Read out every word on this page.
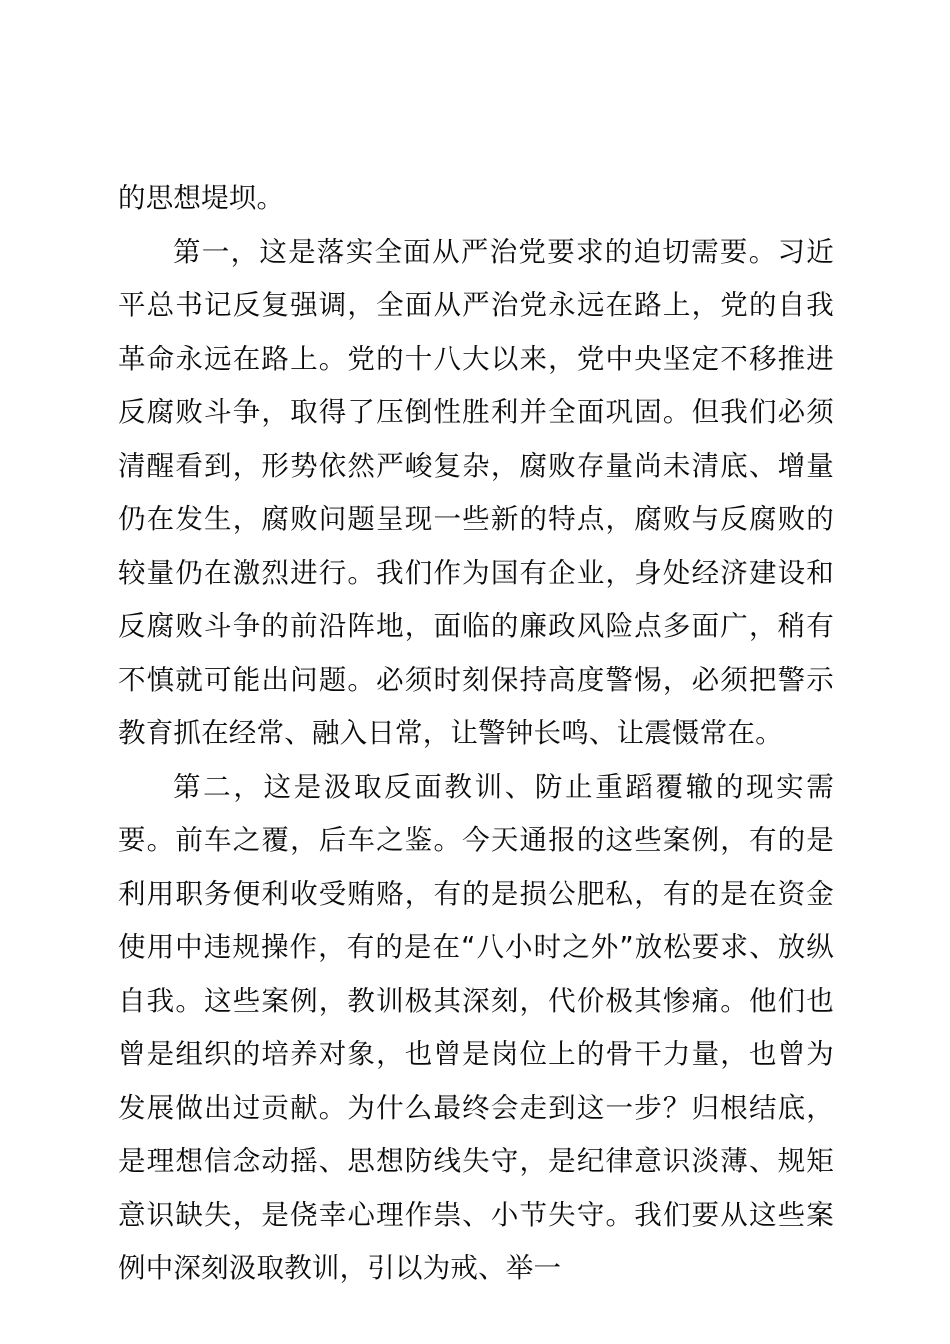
的思想堤坝。

第一，这是落实全面从严治党要求的迫切需要。习近平总书记反复强调，全面从严治党永远在路上，党的自我革命永远在路上。党的十八大以来，党中央坚定不移推进反腐败斗争，取得了压倒性胜利并全面巩固。但我们必须清醒看到，形势依然严峻复杂，腐败存量尚未清底、增量仍在发生，腐败问题呈现一些新的特点，腐败与反腐败的较量仍在激烈进行。我们作为国有企业，身处经济建设和反腐败斗争的前沿阵地，面临的廉政风险点多面广，稍有不慎就可能出问题。必须时刻保持高度警惕，必须把警示教育抓在经常、融入日常，让警钟长鸣、让震慑常在。

第二，这是汲取反面教训、防止重蹈覆辙的现实需要。前车之覆，后车之鉴。今天通报的这些案例，有的是利用职务便利收受贿赂，有的是损公肥私，有的是在资金使用中违规操作，有的是在“八小时之外”放松要求、放纵自我。这些案例，教训极其深刻，代价极其惨痛。他们也曾是组织的培养对象，也曾是岗位上的骨干力量，也曾为发展做出过贡献。为什么最终会走到这一步？归根结底，是理想信念动摇、思想防线失守，是纪律意识淡薄、规矩意识缺失，是侥幸心理作祟、小节失守。我们要从这些案例中深刻汲取教训，引以为戒、举一
